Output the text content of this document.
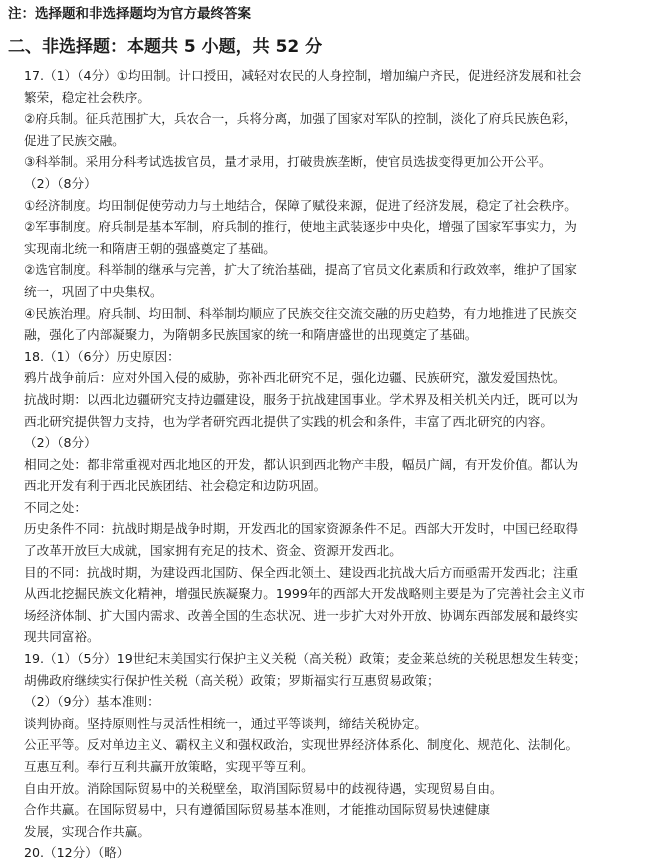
注：选择题和非选择题均为官方最终答案
二、非选择题：本题共 5 小题，共 52 分
17.（1）（4分）①均田制。计口授田，减轻对农民的人身控制，增加编户齐民，促进经济发展和社会
繁荣，稳定社会秩序。
②府兵制。征兵范围扩大，兵农合一，兵将分离，加强了国家对军队的控制，淡化了府兵民族色彩，
促进了民族交融。
③科举制。采用分科考试选拔官员，量才录用，打破贵族垄断，使官员选拔变得更加公开公平。
（2）（8分）
①经济制度。均田制促使劳动力与土地结合，保障了赋役来源，促进了经济发展，稳定了社会秩序。
②军事制度。府兵制是基本军制，府兵制的推行，使地主武装逐步中央化，增强了国家军事实力，为
实现南北统一和隋唐王朝的强盛奠定了基础。
②选官制度。科举制的继承与完善，扩大了统治基础，提高了官员文化素质和行政效率，维护了国家
统一，巩固了中央集权。
④民族治理。府兵制、均田制、科举制均顺应了民族交往交流交融的历史趋势，有力地推进了民族交
融，强化了内部凝聚力，为隋朝多民族国家的统一和隋唐盛世的出现奠定了基础。
18.（1）（6分）历史原因：
鸦片战争前后：应对外国入侵的威胁，弥补西北研究不足，强化边疆、民族研究，激发爱国热忱。
抗战时期：以西北边疆研究支持边疆建设，服务于抗战建国事业。学术界及相关机关内迁，既可以为
西北研究提供智力支持，也为学者研究西北提供了实践的机会和条件，丰富了西北研究的内容。
（2）（8分）
相同之处：都非常重视对西北地区的开发，都认识到西北物产丰殷，幅员广阔，有开发价值。都认为
西北开发有利于西北民族团结、社会稳定和边防巩固。
不同之处：
历史条件不同：抗战时期是战争时期，开发西北的国家资源条件不足。西部大开发时，中国已经取得
了改革开放巨大成就，国家拥有充足的技术、资金、资源开发西北。
目的不同：抗战时期，为建设西北国防、保全西北领土、建设西北抗战大后方而亟需开发西北；注重
从西北挖掘民族文化精神，增强民族凝聚力。1999年的西部大开发战略则主要是为了完善社会主义市
场经济体制、扩大国内需求、改善全国的生态状况、进一步扩大对外开放、协调东西部发展和最终实
现共同富裕。
19.（1）（5分）19世纪末美国实行保护主义关税（高关税）政策；麦金莱总统的关税思想发生转变；
胡佛政府继续实行保护性关税（高关税）政策；罗斯福实行互惠贸易政策；
（2）（9分）基本准则：
谈判协商。坚持原则性与灵活性相统一，通过平等谈判，缔结关税协定。
公正平等。反对单边主义、霸权主义和强权政治，实现世界经济体系化、制度化、规范化、法制化。
互惠互利。奉行互利共赢开放策略，实现平等互利。
自由开放。消除国际贸易中的关税壁垒，取消国际贸易中的歧视待遇，实现贸易自由。
合作共赢。在国际贸易中，只有遵循国际贸易基本准则，才能推动国际贸易快速健康
发展，实现合作共赢。
20.（12分）（略）
